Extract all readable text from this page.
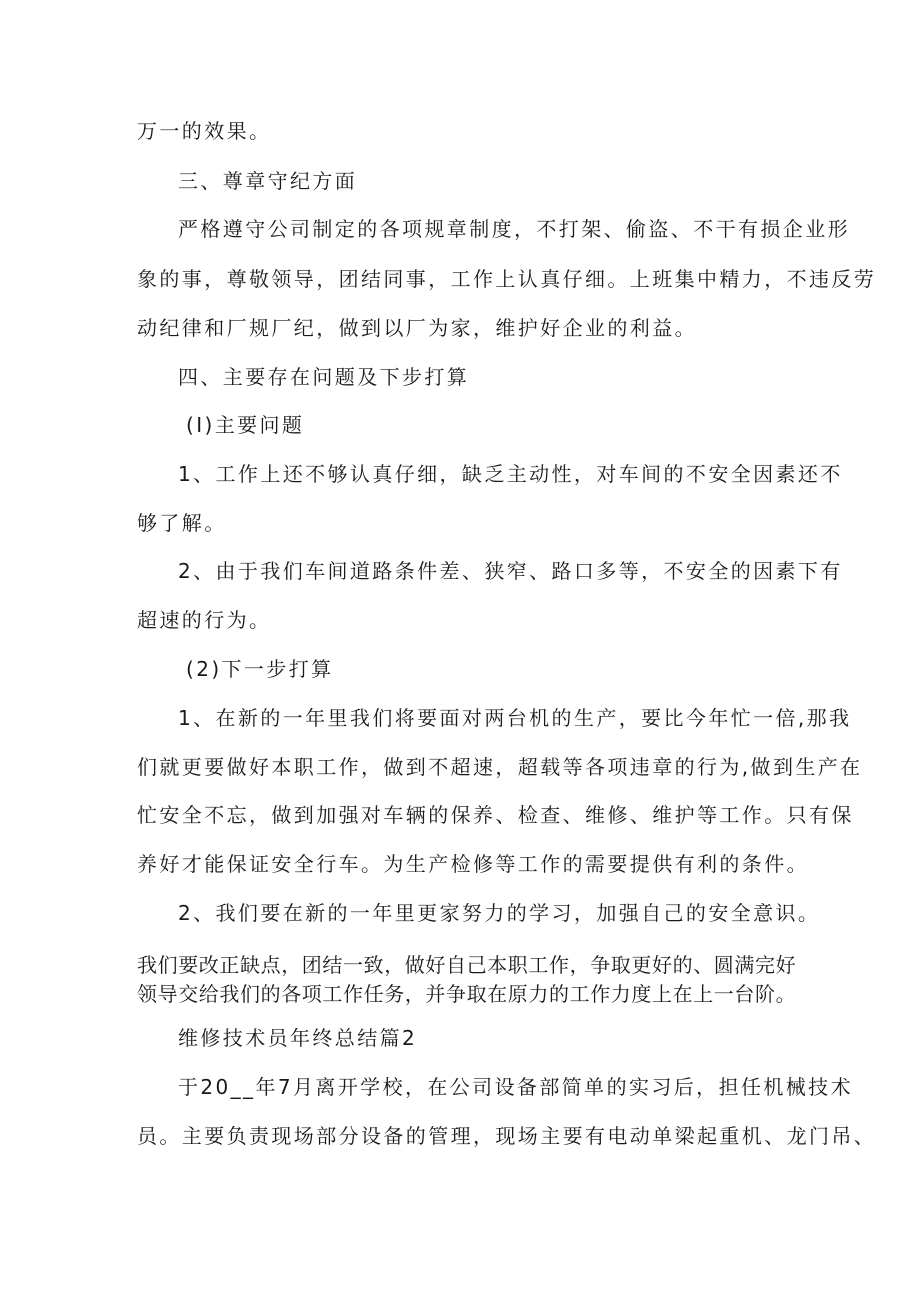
万一的效果。
三、尊章守纪方面
严格遵守公司制定的各项规章制度，不打架、偷盗、不干有损企业形
象的事，尊敬领导，团结同事，工作上认真仔细。上班集中精力，不违反劳
动纪律和厂规厂纪，做到以厂为家，维护好企业的利益。
四、主要存在问题及下步打算
(I)主要问题
1、工作上还不够认真仔细，缺乏主动性，对车间的不安全因素还不
够了解。
2、由于我们车间道路条件差、狭窄、路口多等，不安全的因素下有
超速的行为。
(2)下一步打算
1、在新的一年里我们将要面对两台机的生产，要比今年忙一倍,那我
们就更要做好本职工作，做到不超速，超载等各项违章的行为,做到生产在
忙安全不忘，做到加强对车辆的保养、检查、维修、维护等工作。只有保
养好才能保证安全行车。为生产检修等工作的需要提供有利的条件。
2、我们要在新的一年里更家努力的学习，加强自己的安全意识。
我们要改正缺点，团结一致，做好自己本职工作，争取更好的、圆满完好
领导交给我们的各项工作任务，并争取在原力的工作力度上在上一台阶。
维修技术员年终总结篇2
于20__年7月离开学校，在公司设备部简单的实习后，担任机械技术
员。主要负责现场部分设备的管理，现场主要有电动单梁起重机、龙门吊、
